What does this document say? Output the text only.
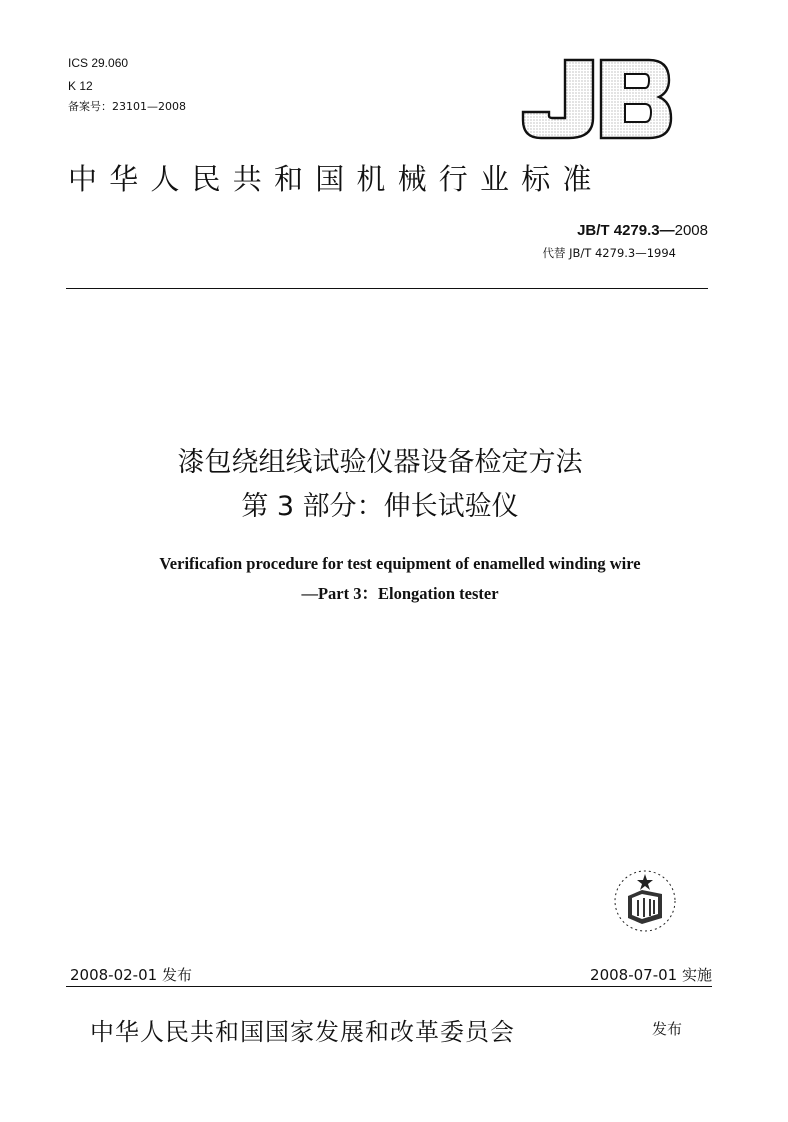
ICS 29.060
K 12
备案号：23101—2008
中华人民共和国机械行业标准
JB/T 4279.3—2008
代替 JB/T 4279.3—1994
漆包绕组线试验仪器设备检定方法
第 3 部分：伸长试验仪
Verificafion procedure for test equipment of enamelled winding wire
—Part 3：Elongation tester
2008-02-01 发布	2008-07-01 实施
中华人民共和国国家发展和改革委员会	发布
